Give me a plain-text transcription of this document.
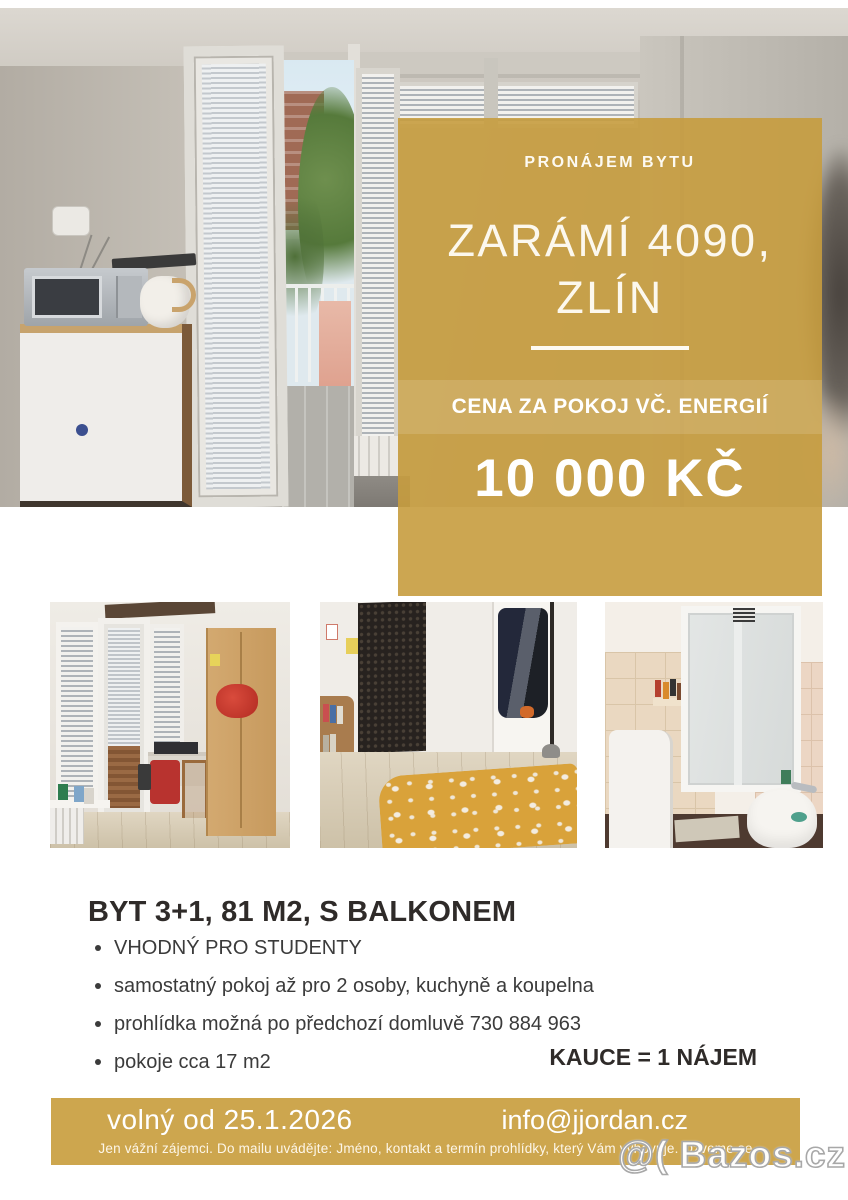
PRONÁJEM BYTU
ZARÁMÍ 4090,
ZLÍN
CENA ZA POKOJ VČ. ENERGIÍ
10 000 KČ
BYT 3+1, 81 M2, S BALKONEM
VHODNÝ PRO STUDENTY
samostatný pokoj až pro 2 osoby, kuchyně a koupelna
prohlídka možná po předchozí domluvě 730 884 963
pokoje cca 17 m2	KAUCE = 1 NÁJEM
volný od 25.1.2026	info@jjordan.cz
Jen vážní zájemci. Do mailu uvádějte: Jméno, kontakt a termín prohlídky, který Vám vyhovuje. Ozveme se
@( Bazos.cz
